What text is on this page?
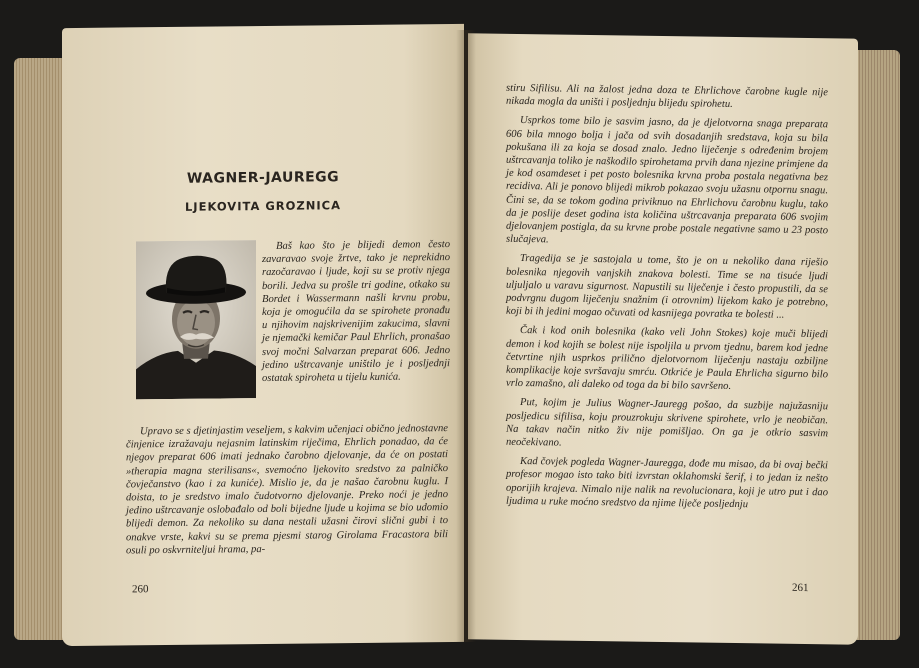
WAGNER-JAUREGG
LJEKOVITA GROZNICA

Baš kao što je blijedi demon često zavaravao svoje žrtve, tako je neprekidno razočaravao i ljude, koji su se protiv njega borili. Jedva su prošle tri godine, otkako su Bordet i Wassermann našli krvnu probu, koja je omogućila da se spirohete pronađu u njihovim najskrivenijim zakucima, slavni je njemački kemičar Paul Ehrlich, pronašao svoj močni Salvarzan preparat 606. Jedno jedino uštrcavanje uništilo je i posljednji ostatak spiroheta u tijelu kunića.

Upravo se s djetinjastim veseljem, s kakvim učenjaci obično jednostavne činjenice izražavaju nejasnim latinskim riječima, Ehrlich ponadao, da će njegov preparat 606 imati jednako čarobno djelovanje, da će on postati »therapia magna sterilisans«, svemoćno ljekovito sredstvo za palničko čovječanstvo (kao i za kuniće). Mislio je, da je našao čarobnu kuglu. I doista, to je sredstvo imalo čudotvorno djelovanje. Preko noći je jedno jedino uštrcavanje oslobađalo od boli bijedne ljude u kojima se bio udomio blijedi demon. Za nekoliko su dana nestali užasni čirovi slični gubi i to onakve vrste, kakvi su se prema pjesmi starog Girolama Fracastora bili osuli po oskvrniteljui hrama, pa-

260

stiru Sifilisu. Ali na žalost jedna doza te Ehrlichove čarobne kugle nije nikada mogla da uništi i posljednju blijedu spirohetu.

Usprkos tome bilo je sasvim jasno, da je djelotvorna snaga preparata 606 bila mnogo bolja i jača od svih dosadanjih sredstava, koja su bila pokušana ili za koja se dosad znalo. Jedno liječenje s određenim brojem uštrcavanja toliko je naškodilo spirohetama prvih dana njezine primjene da je kod osamdeset i pet posto bolesnika krvna proba postala negativna bez recidiva. Ali je ponovo blijedi mikrob pokazao svoju užasnu otpornu snagu. Čini se, da se tokom godina priviknuo na Ehrlichovu čarobnu kuglu, tako da je poslije deset godina ista količina uštrcavanja preparata 606 svojim djelovanjem postigla, da su krvne probe postale negativne samo u 23 posto slučajeva.

Tragedija se je sastojala u tome, što je on u nekoliko dana riješio bolesnika njegovih vanjskih znakova bolesti. Time se na tisuće ljudi uljuljalo u varavu sigurnost. Napustili su liječenje i često propustili, da se podvrgnu dugom liječenju snažnim (i otrovnim) lijekom kako je potrebno, koji bi ih jedini mogao očuvati od kasnijega povratka te bolesti ...

Čak i kod onih bolesnika (kako veli John Stokes) koje muči blijedi demon i kod kojih se bolest nije ispoljila u prvom tjednu, barem kod jedne četvrtine njih usprkos prilično djelotvornom liječenju nastaju ozbiljne komplikacije koje svršavaju smrću. Otkriće je Paula Ehrlicha sigurno bilo vrlo zamašno, ali daleko od toga da bi bilo savršeno.

Put, kojim je Julius Wagner-Jauregg pošao, da suzbije najužasniju posljedicu sifilisa, koju prouzrokuju skrivene spirohete, vrlo je neobičan. Na takav način nitko živ nije pomišljao. On ga je otkrio sasvim neočekivano.

Kad čovjek pogleda Wagner-Jauregga, dođe mu misao, da bi ovaj bečki profesor mogao isto tako biti izvrstan oklahomski šerif, i to jedan iz nešto oporijih krajeva. Nimalo nije nalik na revolucionara, koji je utro put i dao ljudima u ruke moćno sredstvo da njime liječe posljednju

261
